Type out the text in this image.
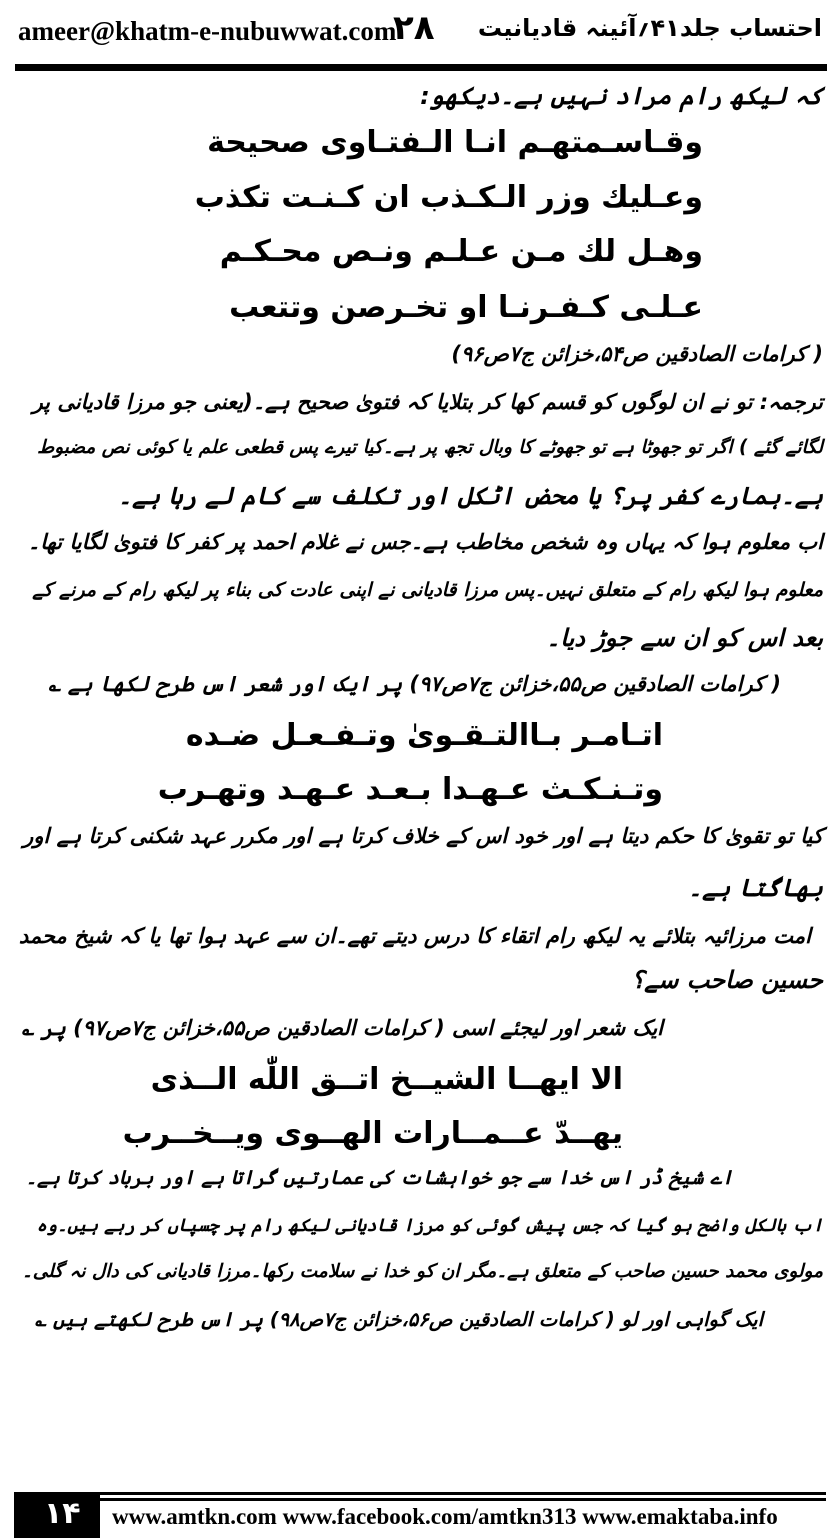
ameer@khatm-e-nubuwwat.com
۲۸ احتساب جلد۴۱؍آئینہ قادیانیت
کہ لیکھ رام مراد نہیں ہے۔دیکھو:
وقـاسـمتهـم انـا الـفتـاوى صحيحة
وعـليك وزر الـكـذب ان كـنـت تكذب
وهـل لك مـن عـلـم ونـص محـكـم
عـلـى كـفـرنـا او تخـرصن وتتعب
( کرامات الصادقین ص۵۴،خزائن ج۷ص۹۶)
ترجمہ: تو نے ان لوگوں کو قسم کھا کر بتلایا کہ فتویٰ صحیح ہے۔(یعنی جو مرزا قادیانی پر
لگائے گئے ) اگر تو جھوٹا ہے تو جھوٹے کا وبال تجھ پر ہے۔کیا تیرے پس قطعی علم یا کوئی نص مضبوط
ہے۔ہمارے کفر پر؟ یا محض اٹکل اور تکلف سے کام لے رہا ہے۔
اب معلوم ہوا کہ یہاں وہ شخص مخاطب ہے۔جس نے غلام احمد پر کفر کا فتویٰ لگایا تھا۔
معلوم ہوا لیکھ رام کے متعلق نہیں۔پس مرزا قادیانی نے اپنی عادت کی بناء پر لیکھ رام کے مرنے کے
بعد اس کو ان سے جوڑ دیا۔
( کرامات الصادقین ص۵۵،خزائن ج۷ص۹۷) پر ایک اور شعر اس طرح لکھا ہے ؎
اتـامـر بـاالتـقـوىٰ وتـفـعـل ضـده
وتـنـكـث عـهـدا بـعـد عـهـد وتهـرب
کیا تو تقویٰ کا حکم دیتا ہے اور خود اس کے خلاف کرتا ہے اور مکرر عہد شکنی کرتا ہے اور
بھاگتا ہے۔
امت مرزائیہ بتلائے یہ لیکھ رام اتقاء کا درس دیتے تھے۔ان سے عہد ہوا تھا یا کہ شیخ محمد
حسین صاحب سے؟
ایک شعر اور لیجئے اسی ( کرامات الصادقین ص۵۵،خزائن ج۷ص۹۷) پر ؎
الا ايهــا الشيــخ اتــق اللّٰه الــذى
يهــدّ عــمــارات الهــوى ويــخــرب
اے شیخ ڈر اس خدا سے جو خواہشات کی عمارتیں گراتا ہے اور برباد کرتا ہے۔
اب بالکل واضح ہو گیا کہ جس پیش گوئی کو مرزا قادیانی لیکھ رام پر چسپاں کر رہے ہیں۔وہ
مولوی محمد حسین صاحب کے متعلق ہے۔مگر ان کو خدا نے سلامت رکھا۔مرزا قادیانی کی دال نہ گلی۔
ایک گواہی اور لو ( کرامات الصادقین ص۵۶،خزائن ج۷ص۹۸) پر اس طرح لکھتے ہیں ؎
۱۴ www.amtkn.com www.facebook.com/amtkn313 www.emaktaba.info
